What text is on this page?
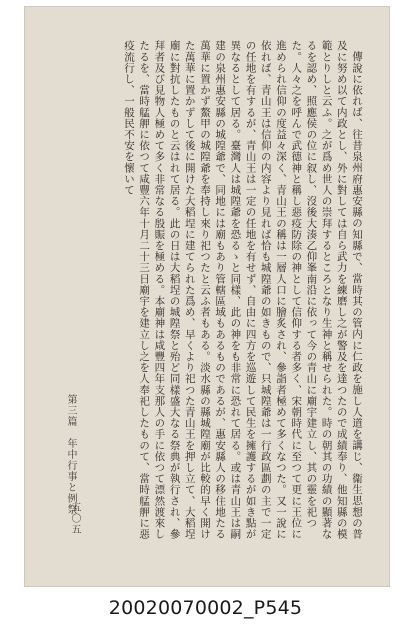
傳說に依れば、往昔泉州府惠安縣の知縣で、當時其の管内に仁政を施し人道を講じ、衞生思想の普及に努め以て内政とし、外に對しては自ら武力を練磨し之が警及を達つたので成績奉り、他知縣の模範とりしと云ふ。之が爲め世人の崇拜するところとなり生神と稱せられた。時の朝其の功績の顯著なるを認め、照應侯の位に叙し、沒後大湊乙仰峯南沿に依って今の青山に廟宇建立し、其の靈を祀つた。人々之を呼んで武德神と稱し惡疫防除の神として信仰する者多く、宋朝時代に至つて更に王位に進められ信仰の度益々深く、青山王の稱は一層人口に膾炙され、參詣者極めて多くなつた。又一說に依れば、青山王は信仰の内容より見れば恰も城隍爺の如きもので、只城隍爺は一行政區劃の主で一定の任地を有するが、青山王は一定の任地を有せず、自由に四方を巡遊して民生を擁護するが如き點が異なるとして居る。臺灣人は城隍爺を恐るゝと同樣、此の神をも非常に恐れて居る。或は青山王は嗣建の泉州惠安縣の城隍爺で、同地には廟もあり管轄區域もあるものであるが、惠安縣人の移住地たる萬華に置かず鰲甲の城隍爺を奉持し來り祀つたと云ふ者もある。淡水縣の縣城隍廟が比較的早く開けた萬華に置かずして後に開けた大稻埕に建てられた爲め、早くより祀つた青山王を押し立て、大稻埕廟に對抗したものと云はれて居る。此の日は大稻埕の城隍祭と殆ど同樣盛大なる祭典が執行され、參拜者及び見物人極めて多く非常なる殷賑を極める。本廟神は咸豐四年支那人の手に依つて漂然渡來したるを、當時艋舺に依つて咸豐六年十月二十三日廟宇を建立し之を人奉祀したものて、當時艋舺に惡疫流行し、一般民不安を懷いて

第三篇　年中行事と例祭
五〇五
20020070002_P545
